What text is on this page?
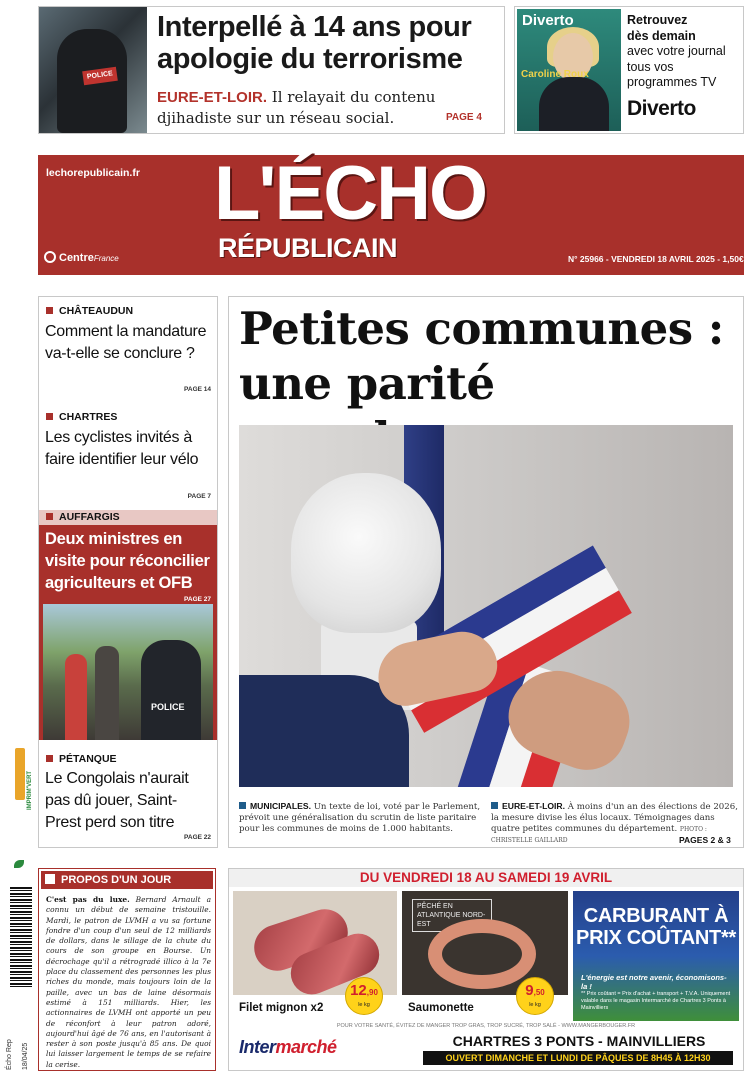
POLICE
Interpellé à 14 ans pour apologie du terrorisme
EURE-ET-LOIR. Il relayait du contenu djihadiste sur un réseau social.	PAGE 4
Diverto
Caroline Roux
Retrouvez
dès demain
avec votre journal tous vos programmes TV
Diverto
lechorepublicain.fr L'ÉCHO
RÉPUBLICAIN
CentreFrance	N° 25966 - VENDREDI 18 AVRIL 2025 - 1,50€
CHÂTEAUDUN
Comment la mandature va-t-elle se conclure ?
PAGE 14
CHARTRES
Les cyclistes invités à faire identifier leur vélo
PAGE 7
AUFFARGIS
Deux ministres en visite pour réconcilier agriculteurs et OFB
PAGE 27
POLICE
PÉTANQUE
Le Congolais n'aurait pas dû jouer, Saint-Prest perd son titre
PAGE 22
Petites communes : une parité
MUNICIPALES. Un texte de loi, voté par le Parlement, prévoit une généralisation du scrutin de liste paritaire pour les communes de moins de 1.000 habitants.
EURE-ET-LOIR. À moins d'un an des élections de 2026, la mesure divise les élus locaux. Témoignages dans quatre petites communes du département. PHOTO : CHRISTELLE GAILLARD	PAGES 2 & 3
IMPRIM'VERT
Écho Rep 18/04/25
PROPOS D'UN JOUR
C'est pas du luxe. Bernard Arnault a connu un début de semaine tristouille. Mardi, le patron de LVMH a vu sa fortune fondre d'un coup d'un seul de 12 milliards de dollars, dans le sillage de la chute du cours de son groupe en Bourse. Un décrochage qu'il a rétrogradé illico à la 7e place du classement des personnes les plus riches du monde, mais toujours loin de la paille, avec un bas de laine désormais estimé à 151 milliards. Hier, les actionnaires de LVMH ont apporté un peu de réconfort à leur patron adoré, aujourd'hui âgé de 76 ans, en l'autorisant à rester à son poste jusqu'à 85 ans. De quoi lui laisser largement le temps de se refaire la cerise.
DU VENDREDI 18 AU SAMEDI 19 AVRIL
Filet mignon x2
12,90
le kg
PÊCHÉ EN ATLANTIQUE NORD-EST
Saumonette
9,50
le kg
CARBURANT À PRIX COÛTANT**
L'énergie est notre avenir, économisons-la !
** Prix coûtant = Prix d'achat + transport + T.V.A. Uniquement valable dans le magasin Intermarché de Chartres 3 Ponts à Mainvilliers
POUR VOTRE SANTÉ, ÉVITEZ DE MANGER TROP GRAS, TROP SUCRÉ, TROP SALÉ - WWW.MANGERBOUGER.FR
Intermarché	CHARTRES 3 PONTS - MAINVILLIERS
OUVERT DIMANCHE ET LUNDI DE PÂQUES DE 8H45 À 12H30
